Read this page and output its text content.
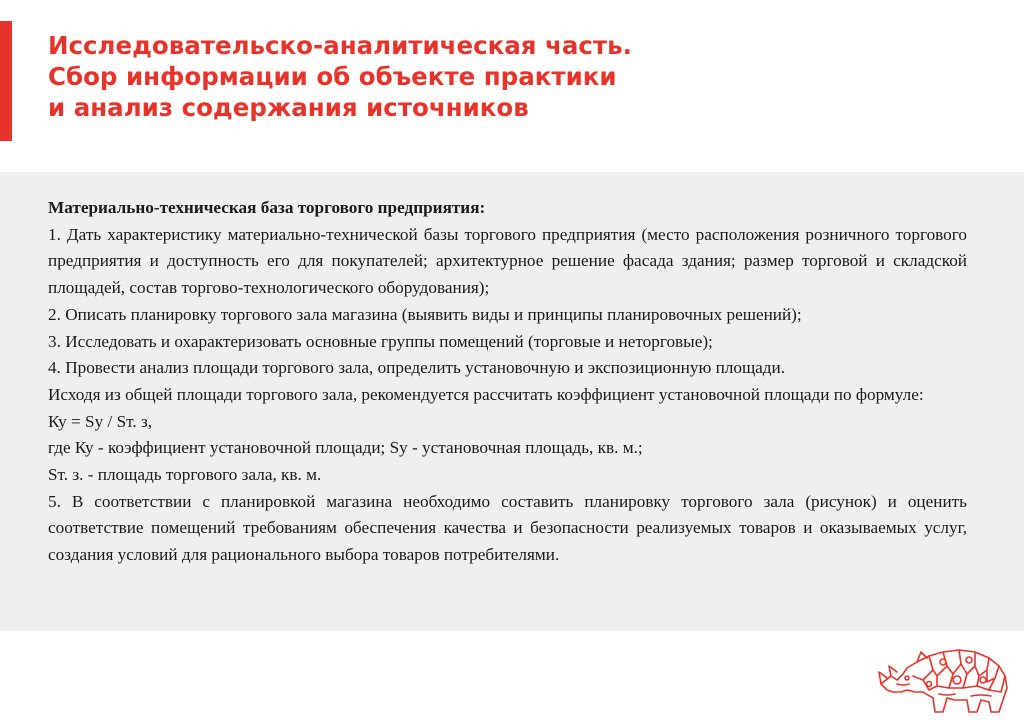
Исследовательско-аналитическая часть.
Сбор информации об объекте практики
и анализ содержания источников

Материально-техническая база торгового предприятия:

1. Дать характеристику материально-технической базы торгового предприятия (место расположения розничного торгового предприятия и доступность его для покупателей; архитектурное решение фасада здания; размер торговой и складской площадей, состав торгово-технологического оборудования);

2. Описать планировку торгового зала магазина (выявить виды и принципы планировочных решений);

3. Исследовать и охарактеризовать основные группы помещений (торговые и неторговые);

4. Провести анализ площади торгового зала, определить установочную и экспозиционную площади.

Исходя из общей площади торгового зала, рекомендуется рассчитать коэффициент установочной площади по формуле:

Ку = Sу / Sт. з,

где Ку - коэффициент установочной площади; Sу - установочная площадь, кв. м.;

Sт. з. - площадь торгового зала, кв. м.

5. В соответствии с планировкой магазина необходимо составить планировку торгового зала (рисунок) и оценить соответствие помещений требованиям обеспечения качества и безопасности реализуемых товаров и оказываемых услуг, создания условий для рационального выбора товаров потребителями.
